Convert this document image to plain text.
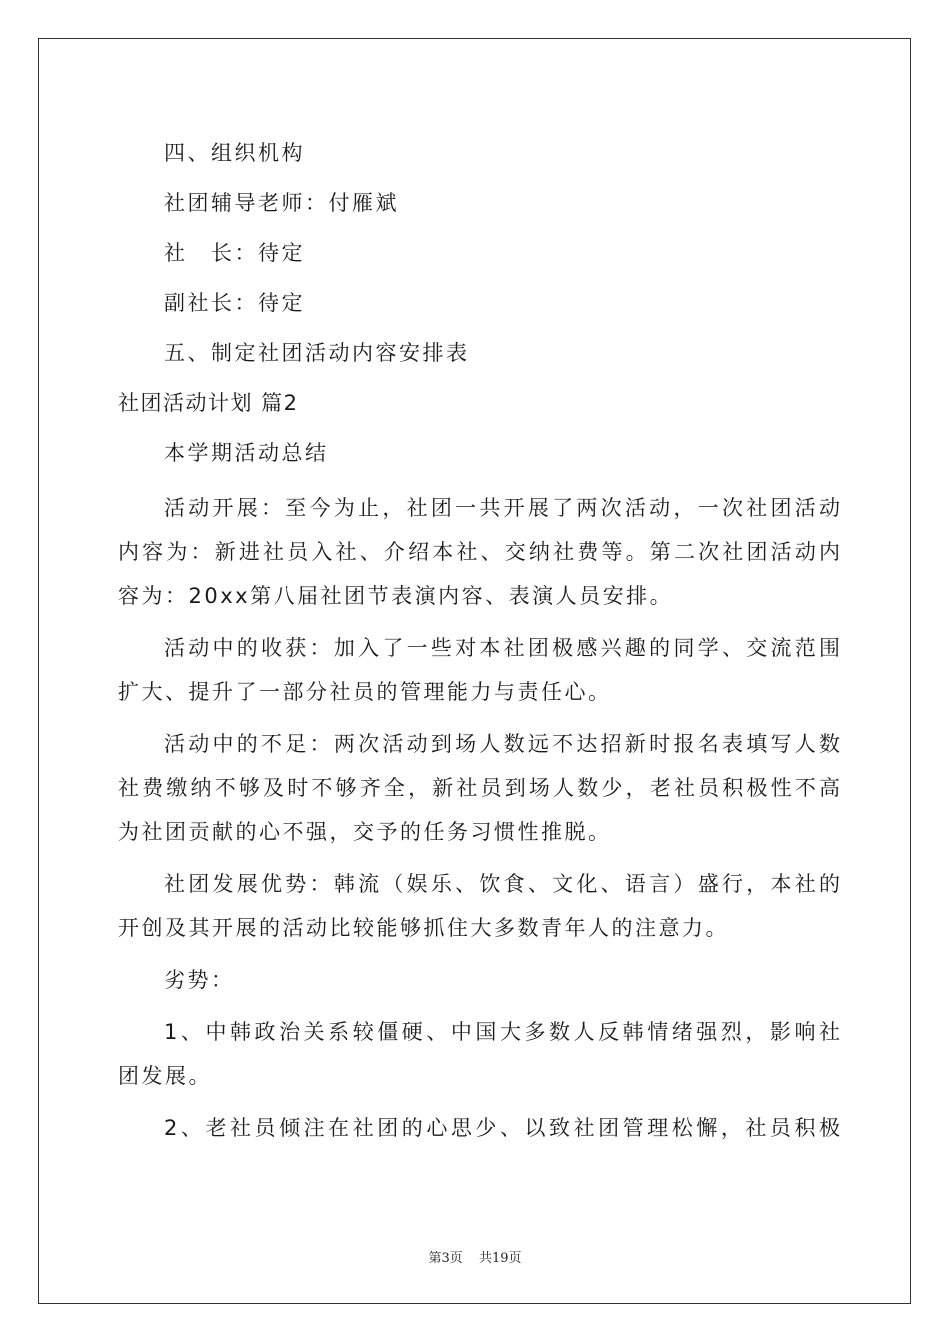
四、组织机构
社团辅导老师：付雁斌
社　长：待定
副社长：待定
五、制定社团活动内容安排表
社团活动计划 篇2
本学期活动总结
活动开展：至今为止，社团一共开展了两次活动，一次社团活动
内容为：新进社员入社、介绍本社、交纳社费等。第二次社团活动内
容为：20xx第八届社团节表演内容、表演人员安排。
活动中的收获：加入了一些对本社团极感兴趣的同学、交流范围
扩大、提升了一部分社员的管理能力与责任心。
活动中的不足：两次活动到场人数远不达招新时报名表填写人数
社费缴纳不够及时不够齐全，新社员到场人数少，老社员积极性不高
为社团贡献的心不强，交予的任务习惯性推脱。
社团发展优势：韩流（娱乐、饮食、文化、语言）盛行，本社的
开创及其开展的活动比较能够抓住大多数青年人的注意力。
劣势：
1、中韩政治关系较僵硬、中国大多数人反韩情绪强烈，影响社
团发展。
2、老社员倾注在社团的心思少、以致社团管理松懈，社员积极
第3页 共19页
